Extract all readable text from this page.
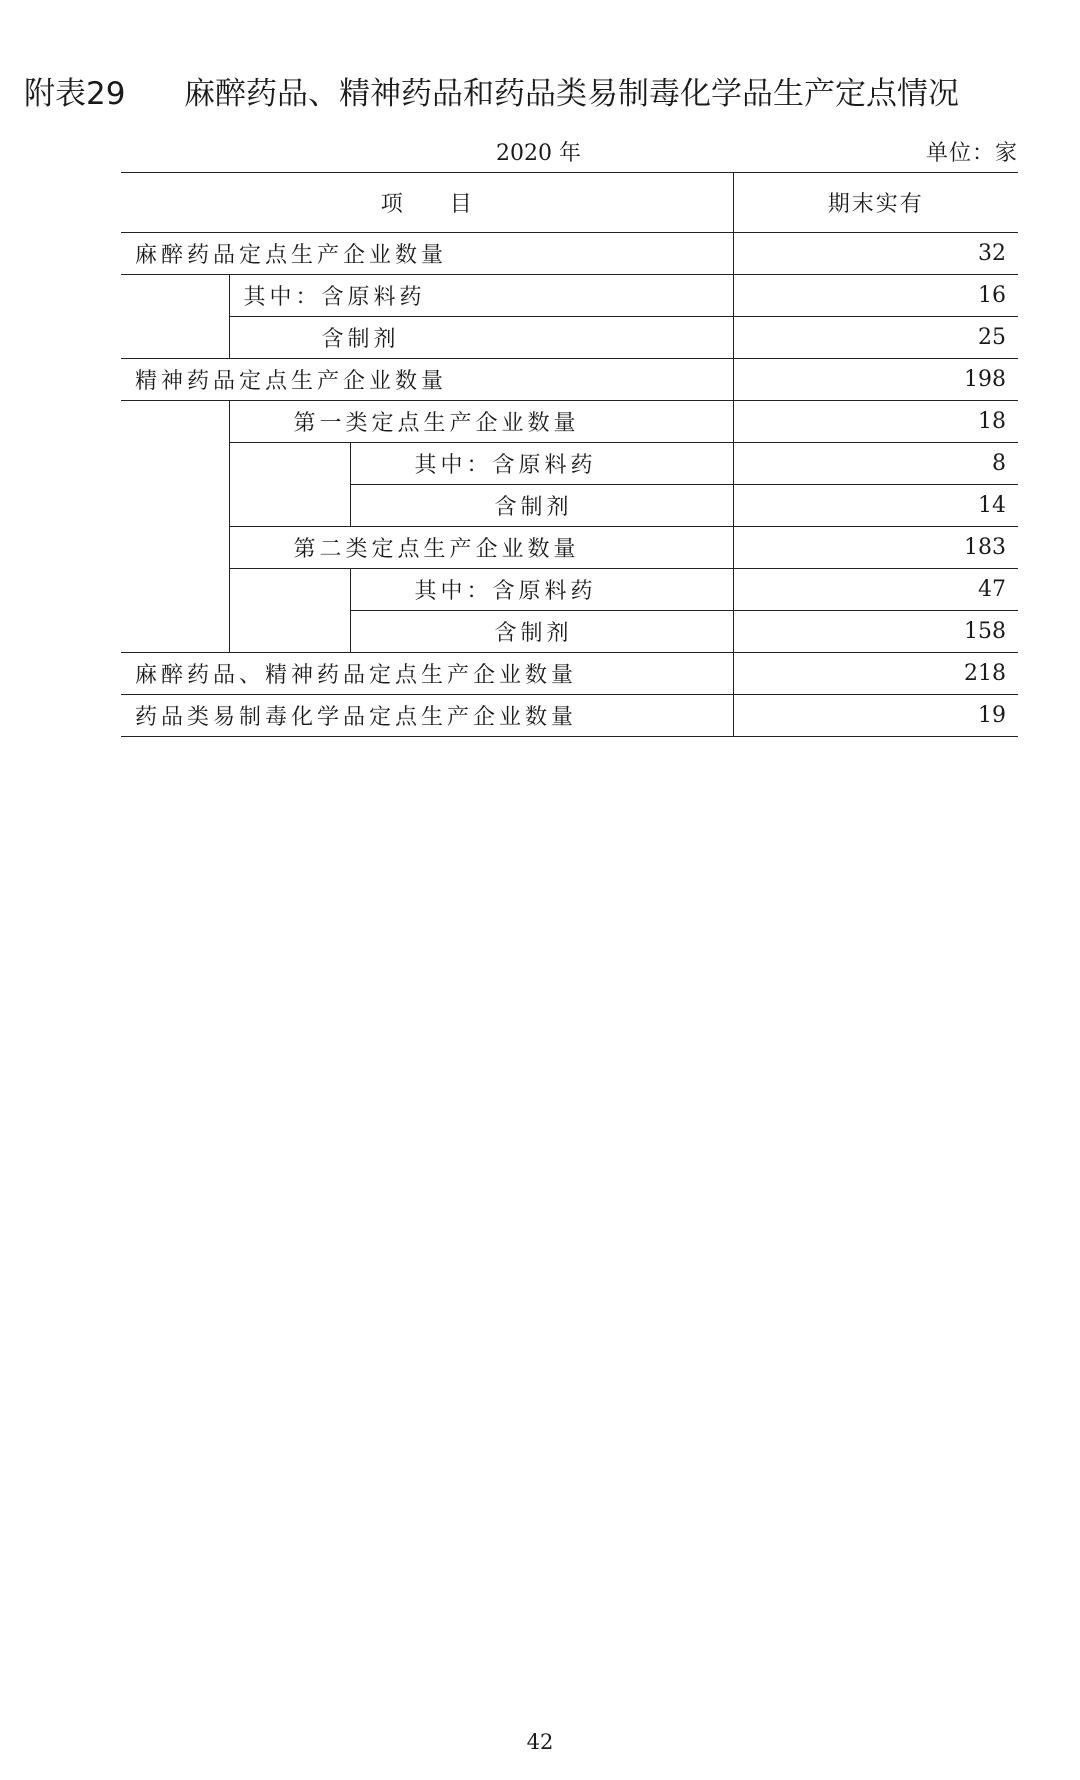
附表29 麻醉药品、精神药品和药品类易制毒化学品生产定点情况
2020 年	单位：家
项　　目			期末实有
麻醉药品定点生产企业数量			32
	其中：含原料药		16
	含制剂		25
精神药品定点生产企业数量			198
	第一类定点生产企业数量		18
		其中：含原料药	8
		含制剂	14
	第二类定点生产企业数量		183
		其中：含原料药	47
		含制剂	158
麻醉药品、精神药品定点生产企业数量			218
药品类易制毒化学品定点生产企业数量			19
42
